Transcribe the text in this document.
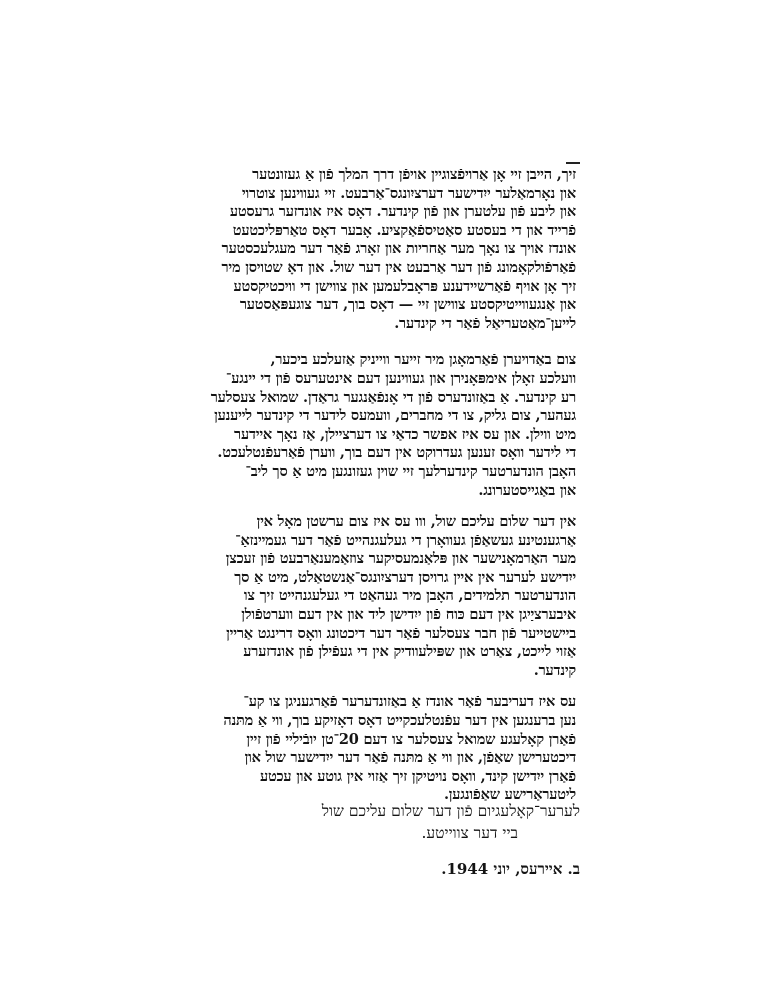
זיך, הייבן זיי אָן אַרויפֿצוגיין אויפֿן דרך המלך פֿון אַ געזונטער
און נאָרמאַלער ייִדישער דערציִונגס־אַרבעט. זיי געווינען צוטרוי
און ליבע פֿון עלטערן און פֿון קינדער. דאָס איז אונדזער גרעסטע
פֿרייד און די בעסטע סאַטיספֿאַקציע. אָבער דאָס טאַרפּליכטעט
אונדז אויך צו נאָך מער אַחריות און זאָרג פֿאַר דער מעגלעכסטער
פֿאַרפֿולקאָמונג פֿון דער אַרבעט אין דער שול. און דאָ שטויסן מיר
זיך אָן אויף פֿאַרשיידענע פּראָבלעמען און צווישן די וויכטיקסטע
און אַנגעווייטיקסטע צווישן זיי — דאָס בוך, דער צוגעפּאַסטער
לייען־מאַטעריאַל פֿאַר די קינדער.
צום באַדויערן פֿאַרמאָגן מיר זייער ווייניק אַזעלכע ביכער,
וועלכע זאָלן אימפּאָנירן און געווינען דעם אינטערעס פֿון די יינגע־
רע קינדער. אַ באַזונדערס פֿון די אָנפֿאַנגער גראַדן. שמואל צעסלער
געהער, צום גליק, צו די מחברים, וועמעס לידער די קינדער לייענען
מיט ווילן. און עס איז אפשר כדאַי צו דערציילן, אַז נאָך איידער
די לידער וואָס זענען געדרוקט אין דעם בוך, ווערן פֿאַרעפֿנטלעכט.
האָבן הונדערטער קינדערלעך זיי שוין געזונגען מיט אַ סך ליב־
און באַגייסטערונג.
אין דער שלום עליכם שול, ווו עס איז צום ערשטן מאָל אין
אַרגענטינע געשאַפֿן געוואָרן די געלעגנהייט פֿאַר דער געמיינזאַ־
מער האַרמאָנישער און פּלאַנמעסיקער צוזאַמענאַרבעט פֿון זעכצן
ייִדישע לערער אין איין גרויסן דערציִונגס־אַנשטאַלט, מיט אַ סך
הונדערטער תלמידים, האָבן מיר געהאַט די געלעגנהייט זיך צו
איבערציַיגן אין דעם כּוח פֿון ייִדישן ליד און אין דעם ווערטפֿולן
ביישטייער פֿון חבר צעסלער פֿאַר דער דיכטונג וואָס דרינגט אַריין
אַזוי לייכט, צאַרט און שפּילעוודיק אין די געפֿילן פֿון אונדזערע
קינדער.
עס איז דעריבער פֿאַר אונדז אַ באַזונדערער פֿאַרגעניגן צו קע־
נען ברענגען אין דער עפֿנטלעכקייט דאָס דאָזיקע בוך, ווי אַ מתּנה
פֿאַרן קאָלעגע שמואל צעסלער צו דעם 20־טן יובֿיליי פֿון זיין
דיכטערישן שאַפֿן, און ווי אַ מתּנה פֿאַר דער ייִדישער שול און
פֿאַרן ייִדישן קינד, וואָס נויטיקן זיך אַזוי אין גוטע און עכטע
ליטעראַרישע שאַפֿונגען.
לערער־קאָלעגיום פֿון דער שלום עליכם שול
ביי דער צווייטע.
ב. איירעס, יוני 1944.
